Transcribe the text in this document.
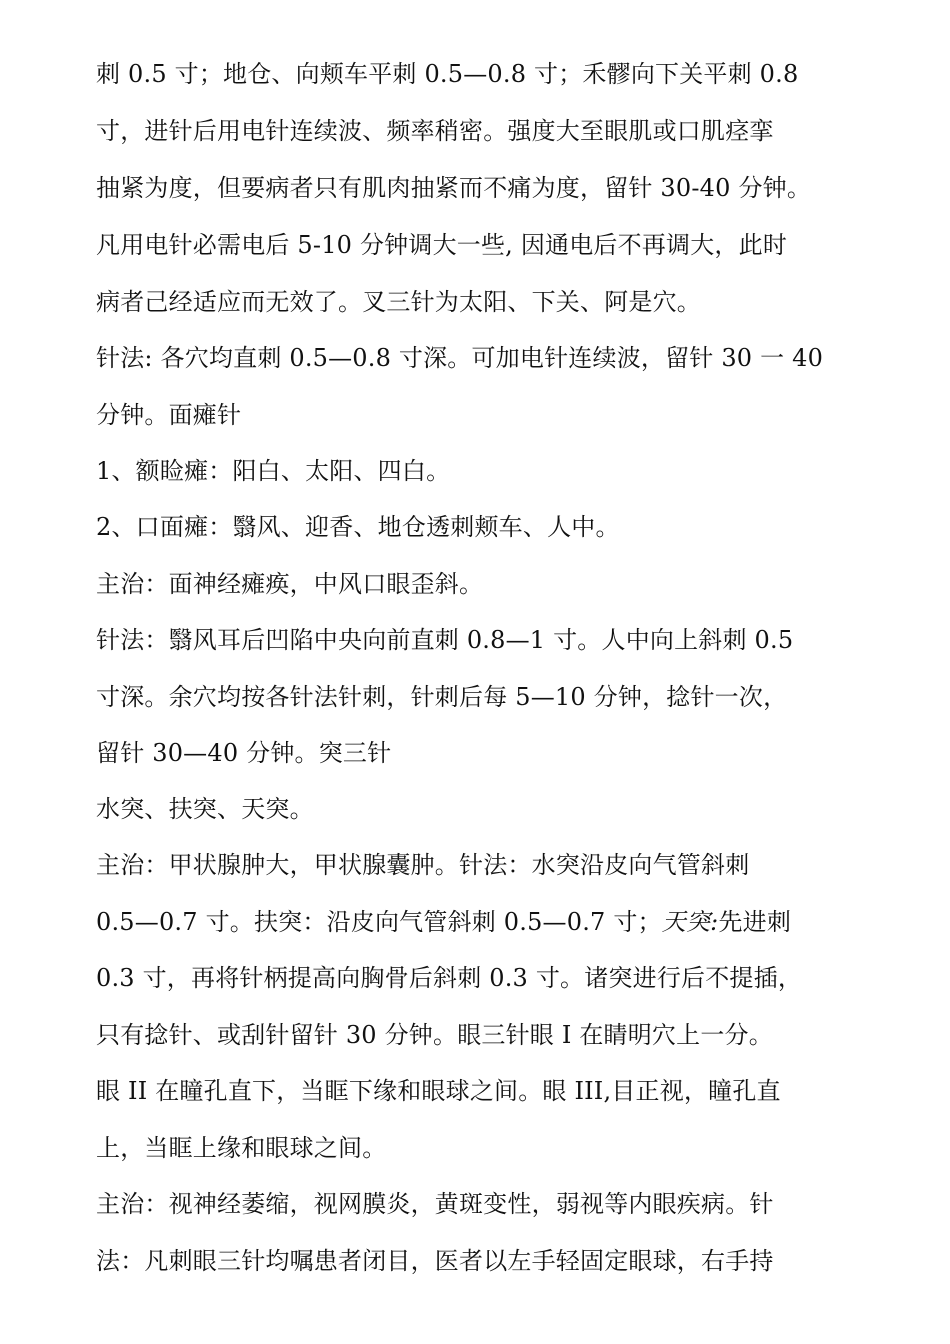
刺 0.5 寸；地仓、向颊车平刺 0.5—0.8 寸；禾髎向下关平刺 0.8
寸，进针后用电针连续波、频率稍密。强度大至眼肌或口肌痉挛
抽紧为度，但要病者只有肌肉抽紧而不痛为度，留针 30-40 分钟。
凡用电针必需电后 5-10 分钟调大一些, 因通电后不再调大，此时
病者己经适应而无效了。叉三针为太阳、下关、阿是穴。
针法: 各穴均直刺 0.5—0.8 寸深。可加电针连续波，留针 30 一 40
分钟。面瘫针
1、额睑瘫：阳白、太阳、四白。
2、口面瘫：翳风、迎香、地仓透刺颊车、人中。
主治：面神经瘫痪，中风口眼歪斜。
针法：翳风耳后凹陷中央向前直刺 0.8—1 寸。人中向上斜刺 0.5
寸深。余穴均按各针法针刺，针刺后每 5—10 分钟，捻针一次，
留针 30—40 分钟。突三针
水突、扶突、天突。
主治：甲状腺肿大，甲状腺囊肿。针法：水突沿皮向气管斜刺
0.5—0.7 寸。扶突：沿皮向气管斜刺 0.5—0.7 寸；天突:先进刺
0.3 寸，再将针柄提高向胸骨后斜刺 0.3 寸。诸突进行后不提插，
只有捻针、或刮针留针 30 分钟。眼三针眼 I 在睛明穴上一分。
眼 II 在瞳孔直下，当眶下缘和眼球之间。眼 III,目正视，瞳孔直
上，当眶上缘和眼球之间。
主治：视神经萎缩，视网膜炎，黄斑变性，弱视等内眼疾病。针
法：凡刺眼三针均嘱患者闭目，医者以左手轻固定眼球，右手持
